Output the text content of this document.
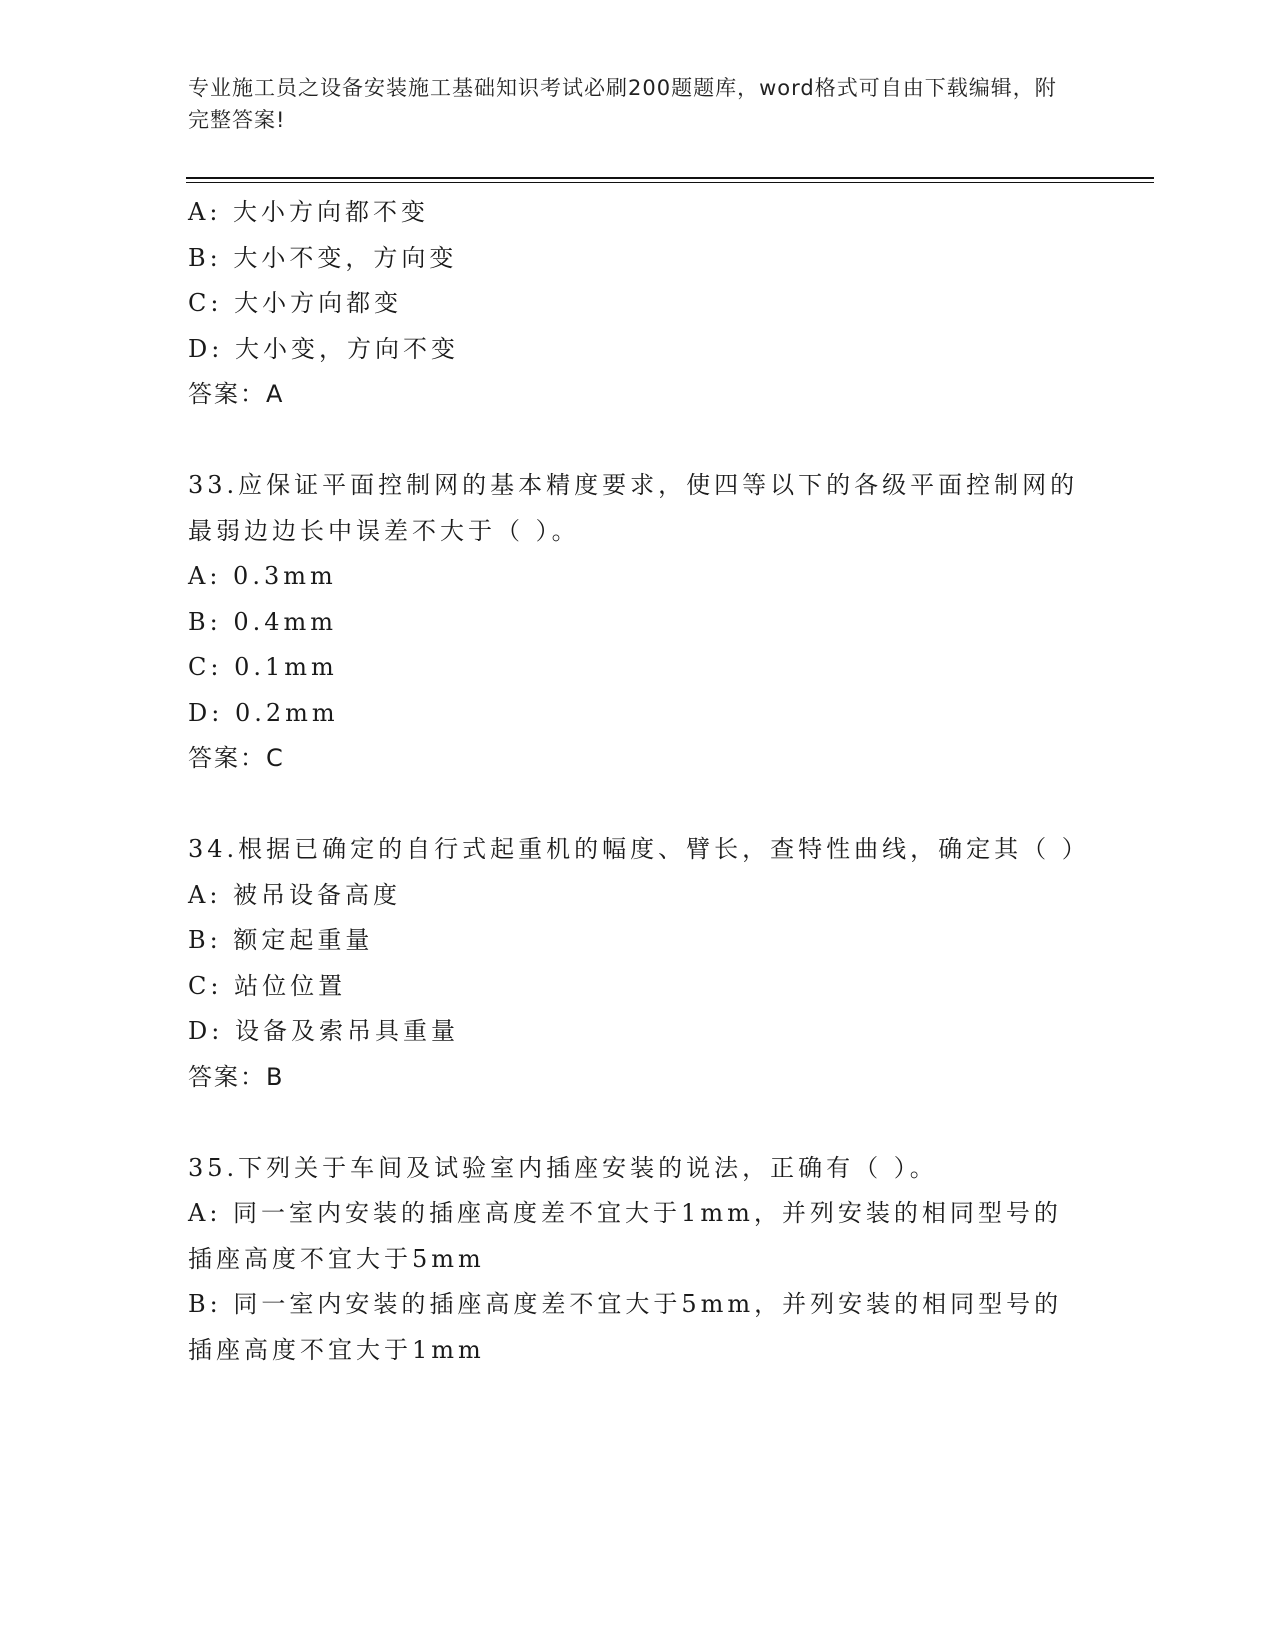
专业施工员之设备安装施工基础知识考试必刷200题题库，word格式可自由下载编辑，附完整答案!
A: 大小方向都不变
B: 大小不变，方向变
C: 大小方向都变
D: 大小变，方向不变
答案：A
33.应保证平面控制网的基本精度要求，使四等以下的各级平面控制网的最弱边边长中误差不大于（ ）。
A: 0.3mm
B: 0.4mm
C: 0.1mm
D: 0.2mm
答案：C
34.根据已确定的自行式起重机的幅度、臂长，查特性曲线，确定其（ ）
A: 被吊设备高度
B: 额定起重量
C: 站位位置
D: 设备及索吊具重量
答案：B
35.下列关于车间及试验室内插座安装的说法，正确有（ ）。
A: 同一室内安装的插座高度差不宜大于1mm，并列安装的相同型号的插座高度不宜大于5mm
B: 同一室内安装的插座高度差不宜大于5mm，并列安装的相同型号的插座高度不宜大于1mm
